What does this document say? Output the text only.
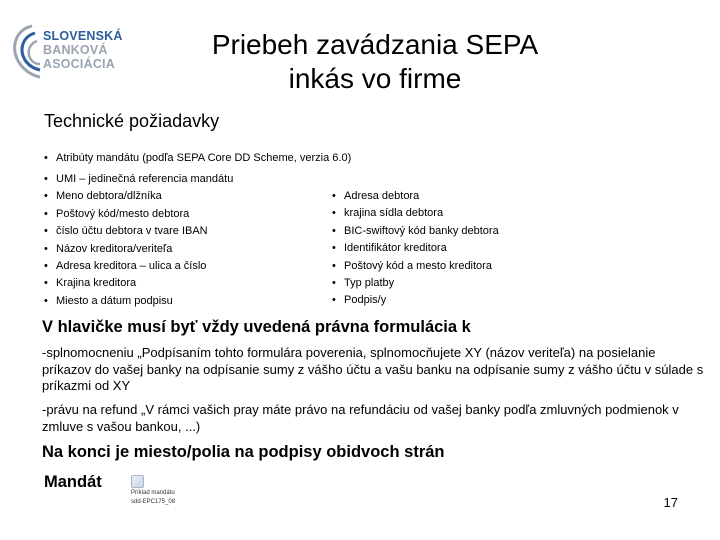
SLOVENSKÁ
BANKOVÁ
ASOCIÁCIA
Priebeh zavádzania SEPA
inkás vo firme
Technické požiadavky
• Atribúty mandátu (podľa SEPA Core DD Scheme, verzia 6.0)
• UMI – jedinečná referencia mandátu
• Meno debtora/dlžníka
• Poštový kód/mesto debtora
• číslo účtu debtora v tvare IBAN
• Názov kreditora/veriteľa
• Adresa kreditora – ulica a číslo
• Krajina kreditora
• Miesto a dátum podpisu
• Adresa debtora
• krajina sídla debtora
• BIC-swiftový kód banky debtora
• Identifikátor kreditora
• Poštový kód a mesto kreditora
• Typ platby
• Podpis/y
V hlavičke musí byť vždy uvedená právna formulácia k
-splnomocneniu „Podpísaním tohto formulára poverenia, splnomocňujete XY (názov veriteľa) na posielanie príkazov do vašej banky na odpísanie sumy z vášho účtu a vašu banku na odpísanie sumy z vášho účtu v súlade s príkazmi od XY
-právu na refund „V rámci vašich pray máte právo na refundáciu od vašej banky podľa zmluvných podmienok v zmluve s vašou bankou, ...)
Na konci je miesto/polia na podpisy obidvoch strán
Mandát
Príklad mandátu
sdd-EPC175_08	17
